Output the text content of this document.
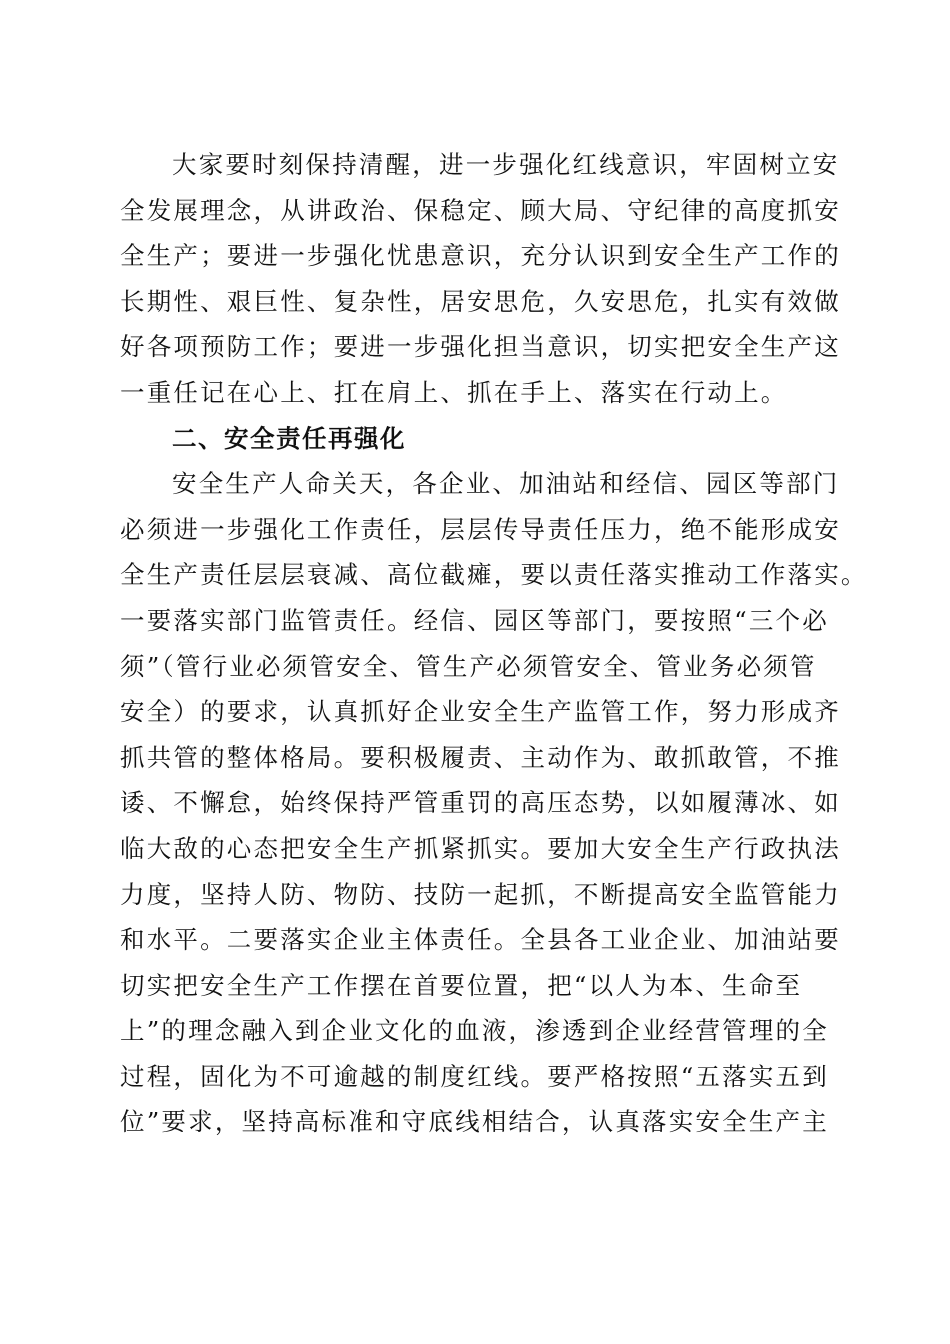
大家要时刻保持清醒，进一步强化红线意识，牢固树立安
全发展理念，从讲政治、保稳定、顾大局、守纪律的高度抓安
全生产；要进一步强化忧患意识，充分认识到安全生产工作的
长期性、艰巨性、复杂性，居安思危，久安思危，扎实有效做
好各项预防工作；要进一步强化担当意识，切实把安全生产这
一重任记在心上、扛在肩上、抓在手上、落实在行动上。
二、安全责任再强化
安全生产人命关天，各企业、加油站和经信、园区等部门
必须进一步强化工作责任，层层传导责任压力，绝不能形成安
全生产责任层层衰减、高位截瘫，要以责任落实推动工作落实。
一要落实部门监管责任。经信、园区等部门，要按照“三个必
须”（管行业必须管安全、管生产必须管安全、管业务必须管
安全）的要求，认真抓好企业安全生产监管工作，努力形成齐
抓共管的整体格局。要积极履责、主动作为、敢抓敢管，不推
诿、不懈怠，始终保持严管重罚的高压态势，以如履薄冰、如
临大敌的心态把安全生产抓紧抓实。要加大安全生产行政执法
力度，坚持人防、物防、技防一起抓，不断提高安全监管能力
和水平。二要落实企业主体责任。全县各工业企业、加油站要
切实把安全生产工作摆在首要位置，把“以人为本、生命至
上”的理念融入到企业文化的血液，渗透到企业经营管理的全
过程，固化为不可逾越的制度红线。要严格按照“五落实五到
位”要求，坚持高标准和守底线相结合，认真落实安全生产主
